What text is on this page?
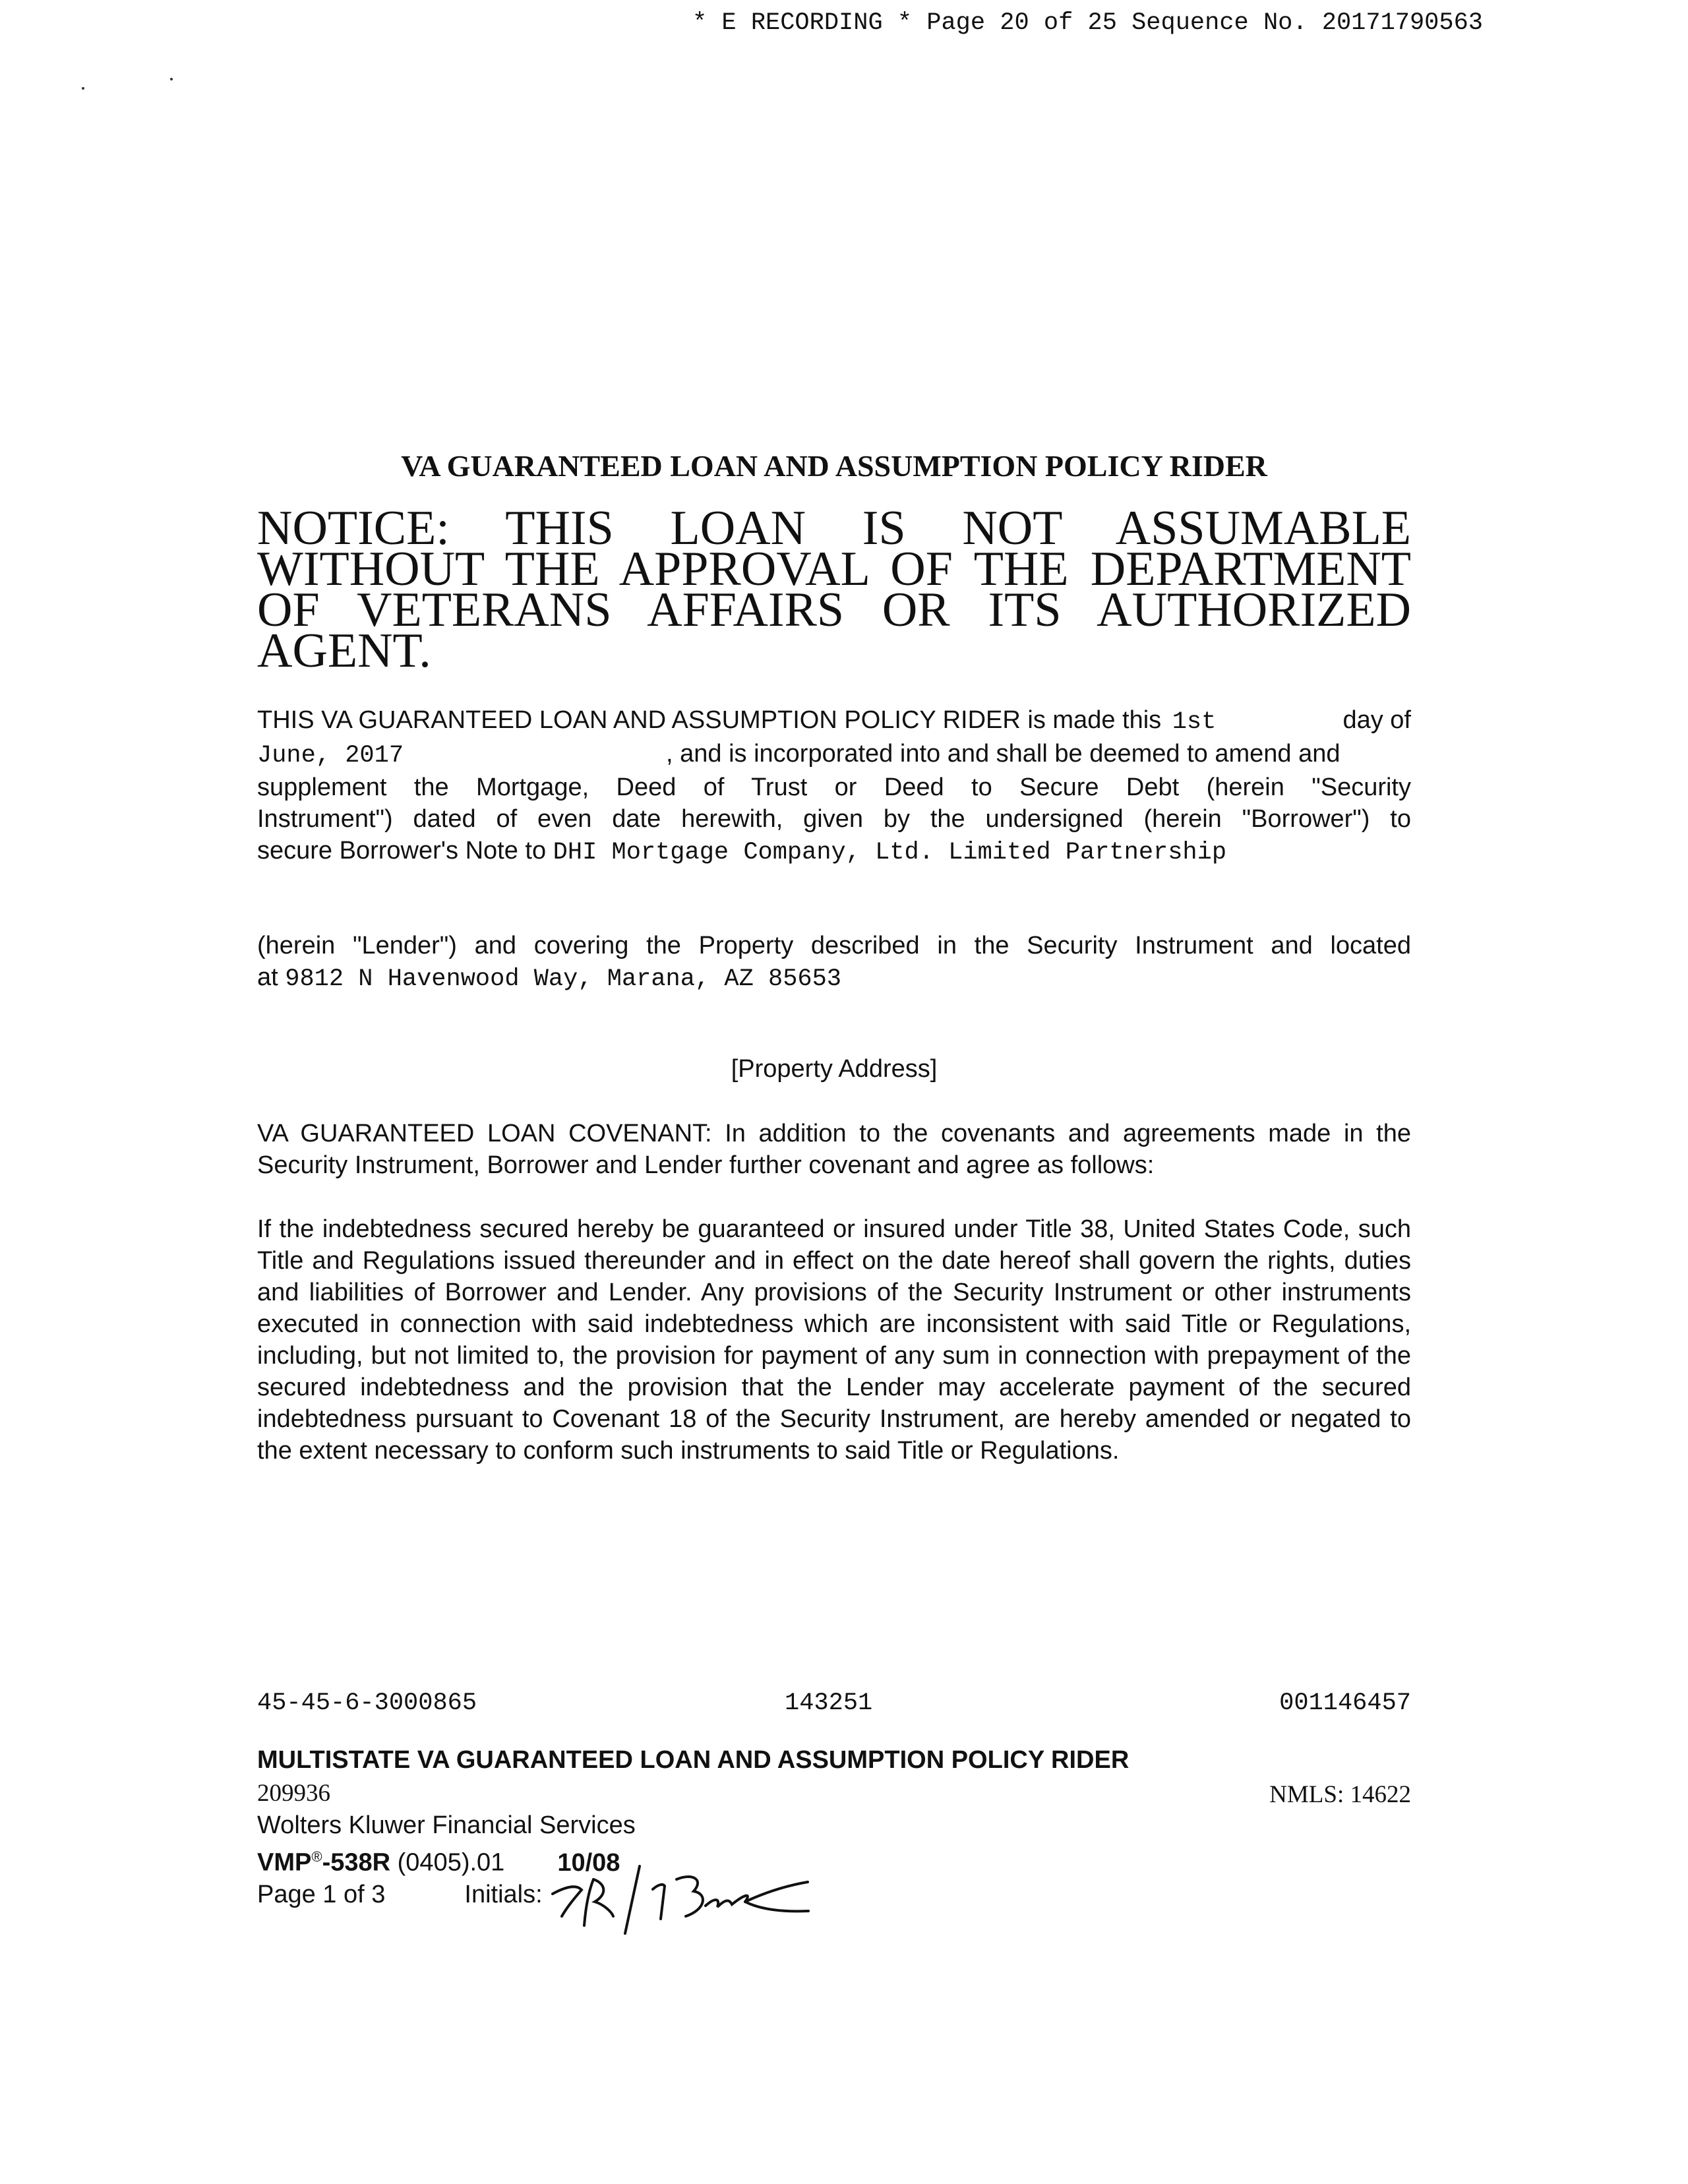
* E RECORDING * Page 20 of 25 Sequence No. 20171790563
VA GUARANTEED LOAN AND ASSUMPTION POLICY RIDER
NOTICE: THIS LOAN IS NOT ASSUMABLE WITHOUT THE APPROVAL OF THE DEPARTMENT OF VETERANS AFFAIRS OR ITS AUTHORIZED AGENT.
THIS VA GUARANTEED LOAN AND ASSUMPTION POLICY RIDER is made this 1st	day of
June, 2017	, and is incorporated into and shall be deemed to amend and
supplement the Mortgage, Deed of Trust or Deed to Secure Debt (herein "Security
Instrument") dated of even date herewith, given by the undersigned (herein "Borrower") to
secure Borrower's Note to DHI Mortgage Company, Ltd. Limited Partnership
(herein "Lender") and covering the Property described in the Security Instrument and located
at 9812 N Havenwood Way, Marana, AZ 85653
[Property Address]
VA GUARANTEED LOAN COVENANT: In addition to the covenants and agreements made in the Security Instrument, Borrower and Lender further covenant and agree as follows:
If the indebtedness secured hereby be guaranteed or insured under Title 38, United States Code, such Title and Regulations issued thereunder and in effect on the date hereof shall govern the rights, duties and liabilities of Borrower and Lender. Any provisions of the Security Instrument or other instruments executed in connection with said indebtedness which are inconsistent with said Title or Regulations, including, but not limited to, the provision for payment of any sum in connection with prepayment of the secured indebtedness and the provision that the Lender may accelerate payment of the secured indebtedness pursuant to Covenant 18 of the Security Instrument, are hereby amended or negated to the extent necessary to conform such instruments to said Title or Regulations.
45-45-6-3000865	143251	001146457
MULTISTATE VA GUARANTEED LOAN AND ASSUMPTION POLICY RIDER
NMLS: 14622
209936
Wolters Kluwer Financial Services
VMP®-538R (0405).01 10/08
Page 1 of 3	Initials:
